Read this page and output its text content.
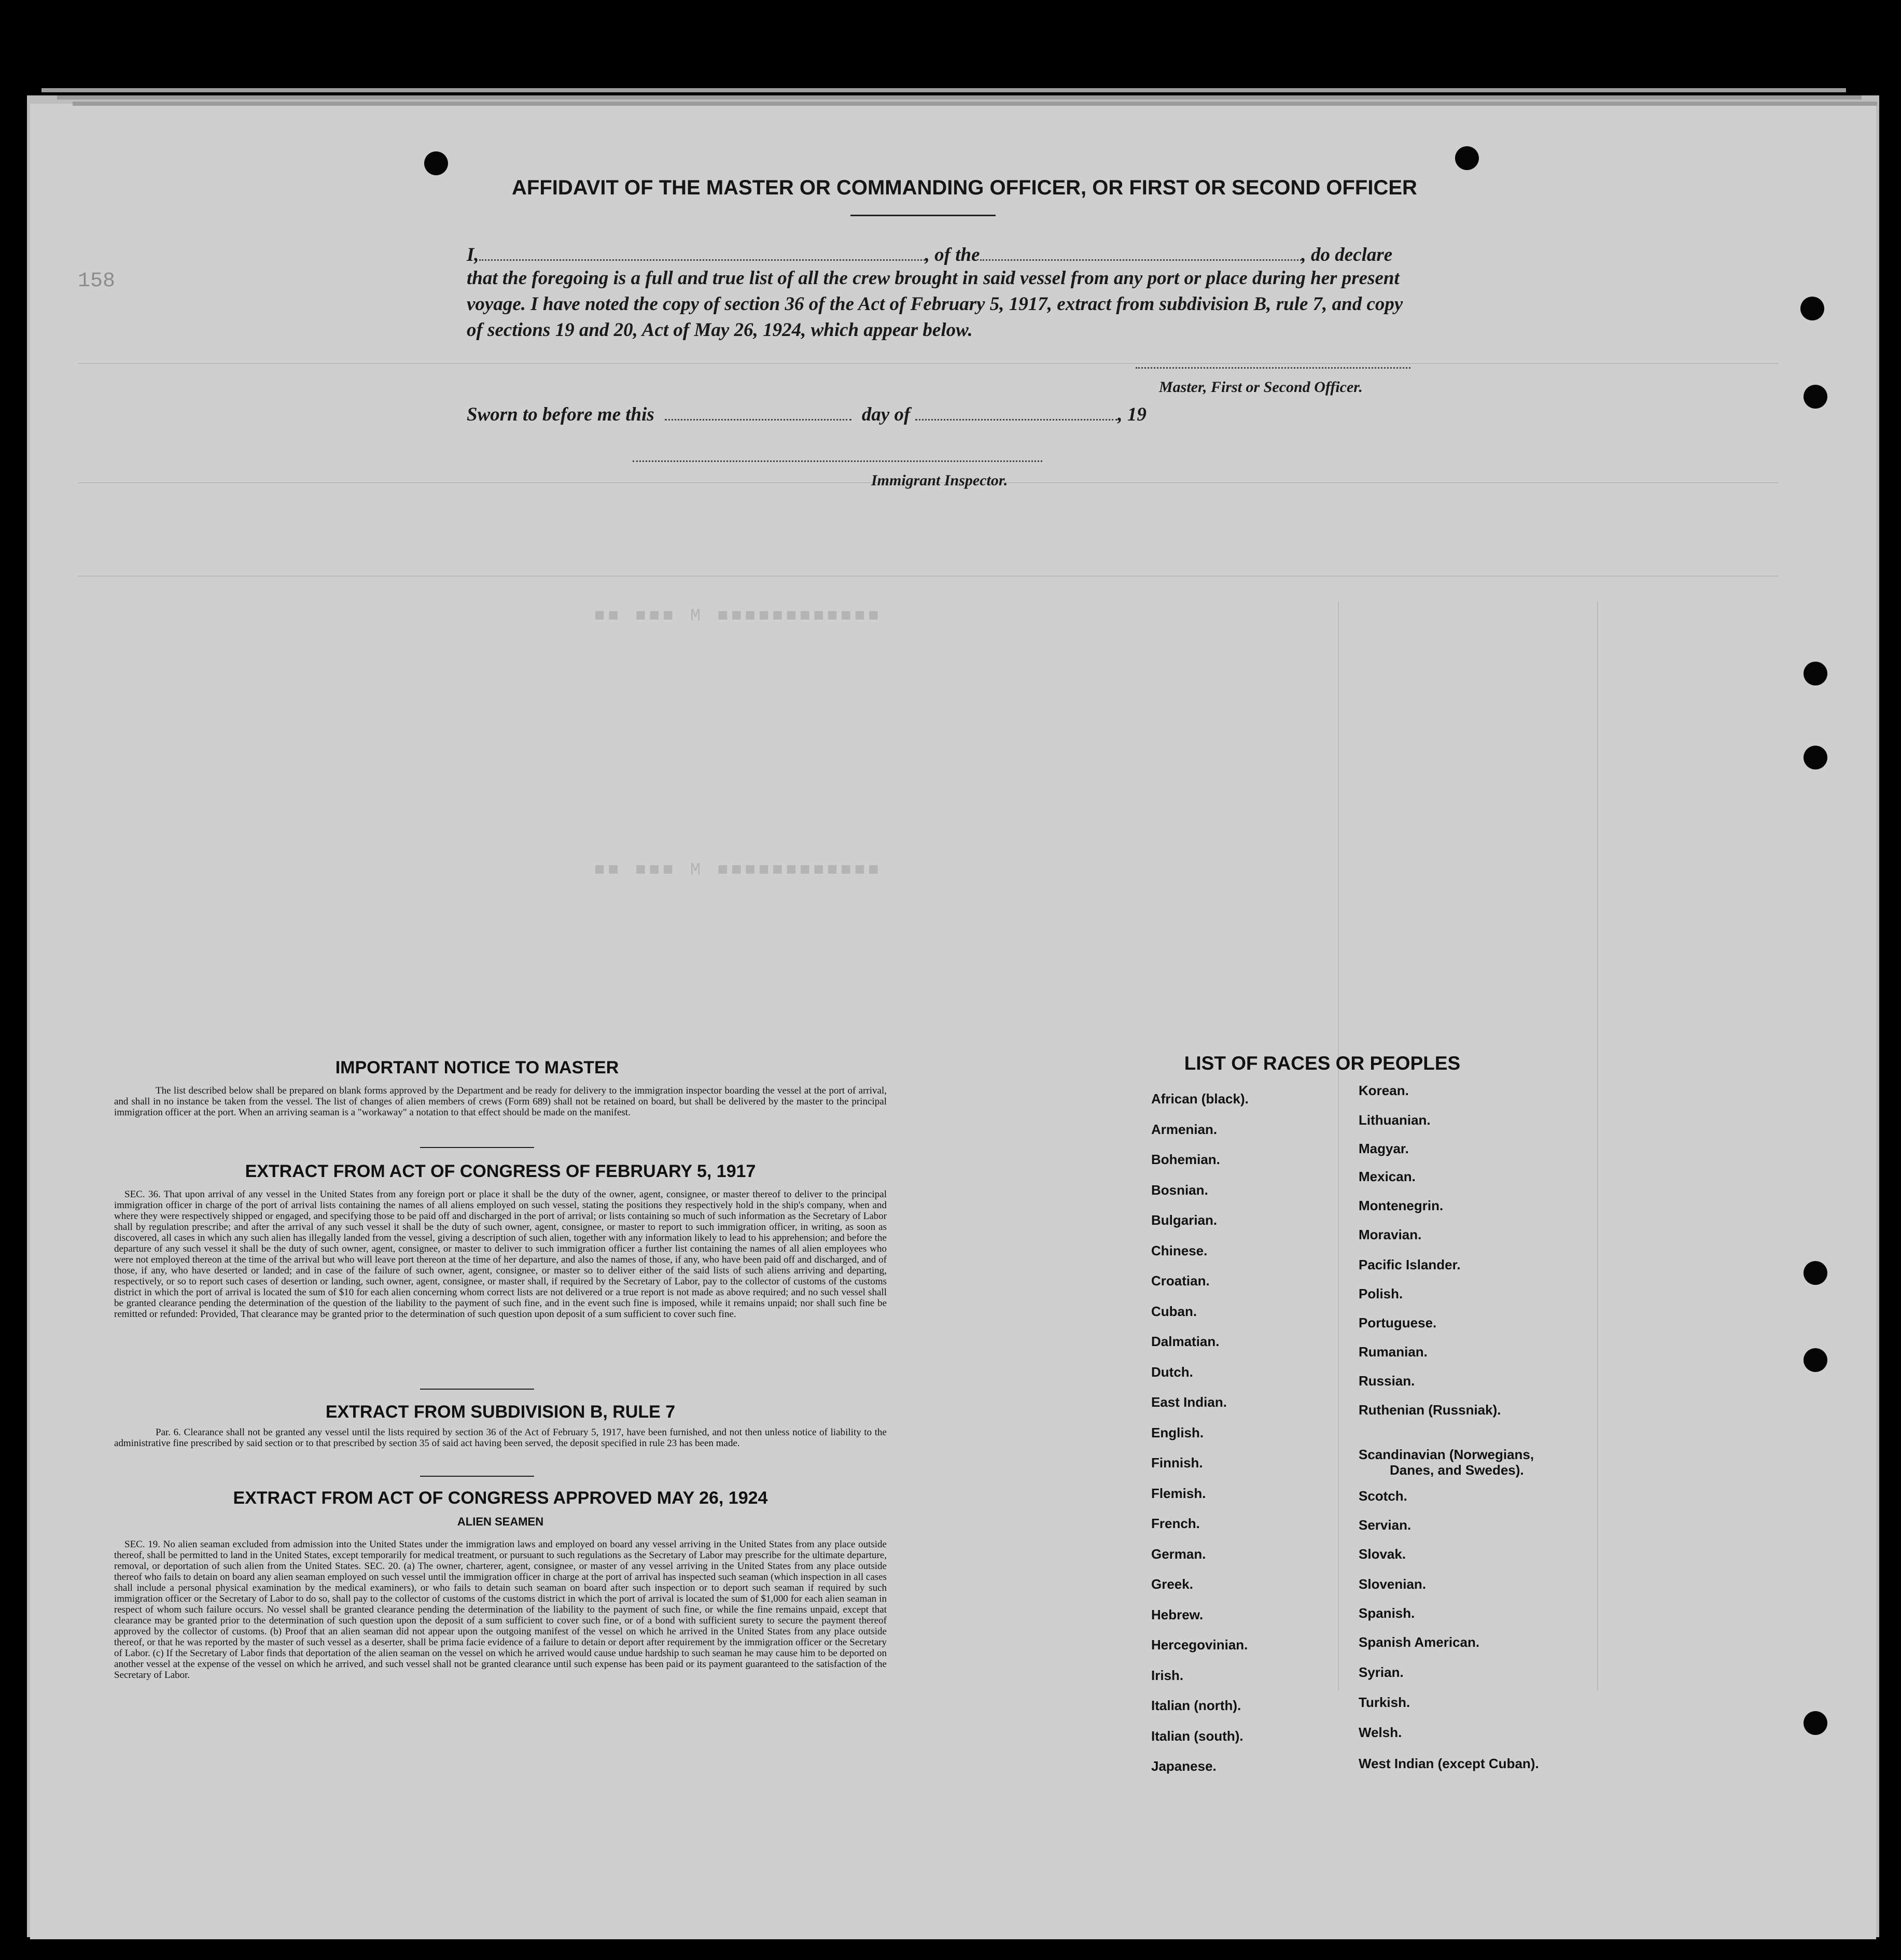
■■■■■■■■■■■■ M ■■■ ■■
■■■■■■■■■■■■ M ■■■ ■■
158
AFFIDAVIT OF THE MASTER OR COMMANDING OFFICER, OR FIRST OR SECOND OFFICER
I,	, of the	, do declare
that the foregoing is a full and true list of all the crew brought in said vessel from any port or place during her present
voyage. I have noted the copy of section 36 of the Act of February 5, 1917, extract from subdivision B, rule 7, and copy
of sections 19 and 20, Act of May 26, 1924, which appear below.
Master, First or Second Officer.
Sworn to before me this	day of	, 19
Immigrant Inspector.
IMPORTANT NOTICE TO MASTER
The list described below shall be prepared on blank forms approved by the Department and be ready for delivery to the immigration inspector boarding the vessel at the port of arrival, and shall in no instance be taken from the vessel. The list of changes of alien members of crews (Form 689) shall not be retained on board, but shall be delivered by the master to the principal immigration officer at the port. When an arriving seaman is a "workaway" a notation to that effect should be made on the manifest.
EXTRACT FROM ACT OF CONGRESS OF FEBRUARY 5, 1917
SEC. 36. That upon arrival of any vessel in the United States from any foreign port or place it shall be the duty of the owner, agent, consignee, or master thereof to deliver to the principal immigration officer in charge of the port of arrival lists containing the names of all aliens employed on such vessel, stating the positions they respectively hold in the ship's company, when and where they were respectively shipped or engaged, and specifying those to be paid off and discharged in the port of arrival; or lists containing so much of such information as the Secretary of Labor shall by regulation prescribe; and after the arrival of any such vessel it shall be the duty of such owner, agent, consignee, or master to report to such immigration officer, in writing, as soon as discovered, all cases in which any such alien has illegally landed from the vessel, giving a description of such alien, together with any information likely to lead to his apprehension; and before the departure of any such vessel it shall be the duty of such owner, agent, consignee, or master to deliver to such immigration officer a further list containing the names of all alien employees who were not employed thereon at the time of the arrival but who will leave port thereon at the time of her departure, and also the names of those, if any, who have been paid off and discharged, and of those, if any, who have deserted or landed; and in case of the failure of such owner, agent, consignee, or master so to deliver either of the said lists of such aliens arriving and departing, respectively, or so to report such cases of desertion or landing, such owner, agent, consignee, or master shall, if required by the Secretary of Labor, pay to the collector of customs of the customs district in which the port of arrival is located the sum of $10 for each alien concerning whom correct lists are not delivered or a true report is not made as above required; and no such vessel shall be granted clearance pending the determination of the question of the liability to the payment of such fine, and in the event such fine is imposed, while it remains unpaid; nor shall such fine be remitted or refunded: Provided, That clearance may be granted prior to the determination of such question upon deposit of a sum sufficient to cover such fine.
EXTRACT FROM SUBDIVISION B, RULE 7
Par. 6. Clearance shall not be granted any vessel until the lists required by section 36 of the Act of February 5, 1917, have been furnished, and not then unless notice of liability to the administrative fine prescribed by said section or to that prescribed by section 35 of said act having been served, the deposit specified in rule 23 has been made.
EXTRACT FROM ACT OF CONGRESS APPROVED MAY 26, 1924
ALIEN SEAMEN
SEC. 19. No alien seaman excluded from admission into the United States under the immigration laws and employed on board any vessel arriving in the United States from any place outside thereof, shall be permitted to land in the United States, except temporarily for medical treatment, or pursuant to such regulations as the Secretary of Labor may prescribe for the ultimate departure, removal, or deportation of such alien from the United States. SEC. 20. (a) The owner, charterer, agent, consignee, or master of any vessel arriving in the United States from any place outside thereof who fails to detain on board any alien seaman employed on such vessel until the immigration officer in charge at the port of arrival has inspected such seaman (which inspection in all cases shall include a personal physical examination by the medical examiners), or who fails to detain such seaman on board after such inspection or to deport such seaman if required by such immigration officer or the Secretary of Labor to do so, shall pay to the collector of customs of the customs district in which the port of arrival is located the sum of $1,000 for each alien seaman in respect of whom such failure occurs. No vessel shall be granted clearance pending the determination of the liability to the payment of such fine, or while the fine remains unpaid, except that clearance may be granted prior to the determination of such question upon the deposit of a sum sufficient to cover such fine, or of a bond with sufficient surety to secure the payment thereof approved by the collector of customs. (b) Proof that an alien seaman did not appear upon the outgoing manifest of the vessel on which he arrived in the United States from any place outside thereof, or that he was reported by the master of such vessel as a deserter, shall be prima facie evidence of a failure to detain or deport after requirement by the immigration officer or the Secretary of Labor. (c) If the Secretary of Labor finds that deportation of the alien seaman on the vessel on which he arrived would cause undue hardship to such seaman he may cause him to be deported on another vessel at the expense of the vessel on which he arrived, and such vessel shall not be granted clearance until such expense has been paid or its payment guaranteed to the satisfaction of the Secretary of Labor.
LIST OF RACES OR PEOPLES
African (black).
Armenian.
Bohemian.
Bosnian.
Bulgarian.
Chinese.
Croatian.
Cuban.
Dalmatian.
Dutch.
East Indian.
English.
Finnish.
Flemish.
French.
German.
Greek.
Hebrew.
Hercegovinian.
Irish.
Italian (north).
Italian (south).
Japanese.
Korean.
Lithuanian.
Magyar.
Mexican.
Montenegrin.
Moravian.
Pacific Islander.
Polish.
Portuguese.
Rumanian.
Russian.
Ruthenian (Russniak).
Scandinavian (Norwegians,
Danes, and Swedes).
Scotch.
Servian.
Slovak.
Slovenian.
Spanish.
Spanish American.
Syrian.
Turkish.
Welsh.
West Indian (except Cuban).
